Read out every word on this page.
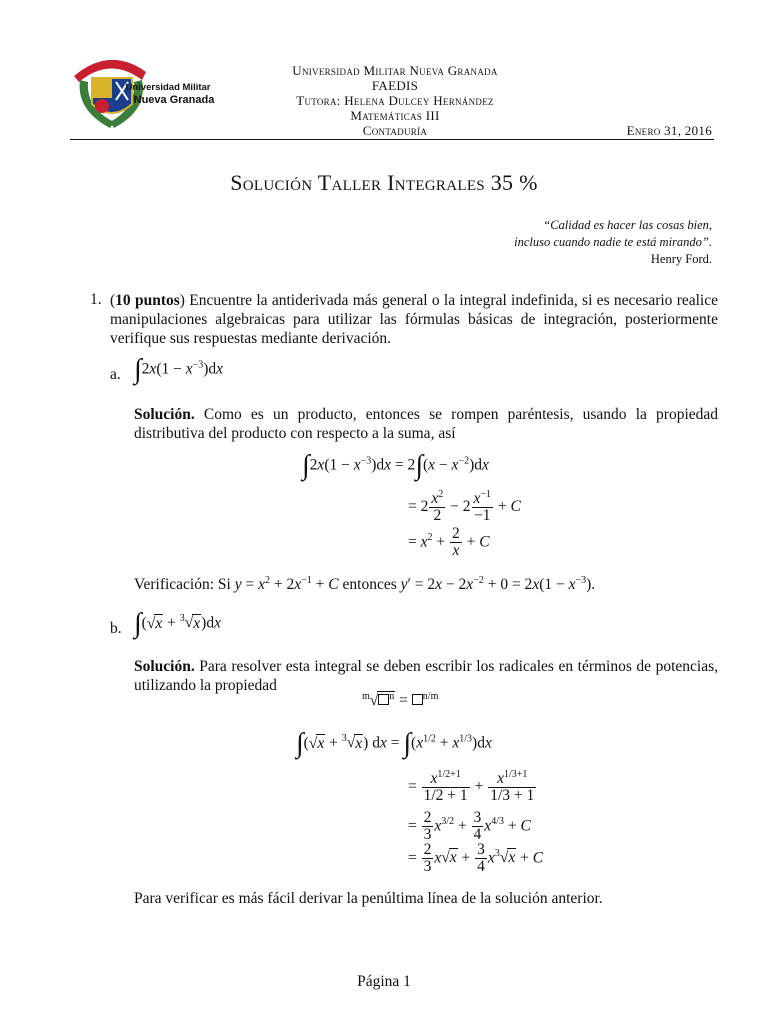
Universidad Militar
Nueva Granada
Universidad Militar Nueva Granada
FAEDIS
Tutora: Helena Dulcey Hernández
Matemáticas III
Contaduría	Enero 31, 2016
Solución Taller Integrales 35 %
“Calidad es hacer las cosas bien,
incluso cuando nadie te está mirando”.
Henry Ford.
1. (10 puntos) Encuentre la antiderivada más general o la integral indefinida, si es necesario realice manipulaciones algebraicas para utilizar las fórmulas básicas de integración, posteriormente verifique sus respuestas mediante derivación.
a. $\int 2x(1 - x^{-3})dx$
Solución. Como es un producto, entonces se rompen paréntesis, usando la propiedad distributiva del producto con respecto a la suma, así
$\int 2x(1 - x^{-3})dx = 2\int(x - x^{-2})dx$
= $2 \frac{x^2}{2} - 2 \frac{x^{-1}}{-1} + C$
= $x^2 + \frac{2}{x} + C$
Verificación: Si $y = x^2 + 2x^{-1} + C$ entonces $y' = 2x - 2x^{-2} + 0 = 2x(1 - x^{-3})$.
b. ∫(√x + $^3$√x)dx
Solución. Para resolver esta integral se deben escribir los radicales en términos de potencias, utilizando la propiedad
$^m$√ $^n$ = $^{n/m}$
∫(√x + $^3$√x) dx = $\int(x^{1/2} + x^{1/3})dx$
= $\frac{x^{1/2+1}}{1/2 + 1} + \frac{x^{1/3+1}}{1/3 + 1}$
= $\frac{2}{3} x^{3/2} + \frac{3}{4} x^{4/3} + C$
= $\frac{2}{3} x√x + \frac{3}{4} x^3√x + C$
Para verificar es más fácil derivar la penúltima línea de la solución anterior.
Página 1
